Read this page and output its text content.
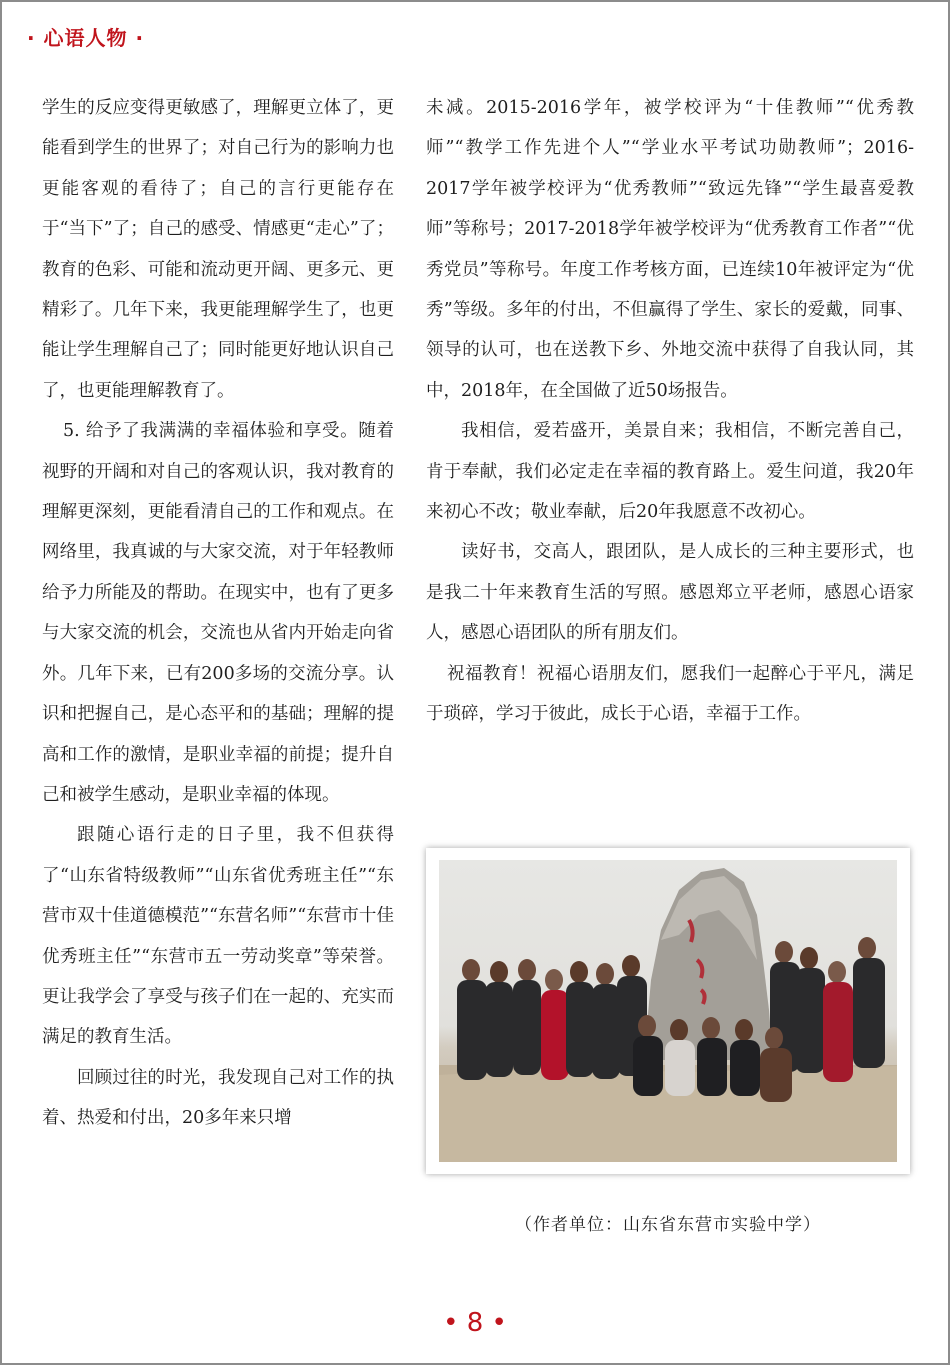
· 心语人物 ·

学生的反应变得更敏感了，理解更立体了，更能看到学生的世界了；对自己行为的影响力也更能客观的看待了；自己的言行更能存在于“当下”了；自己的感受、情感更“走心”了；教育的色彩、可能和流动更开阔、更多元、更精彩了。几年下来，我更能理解学生了，也更能让学生理解自己了；同时能更好地认识自己了，也更能理解教育了。

5. 给予了我满满的幸福体验和享受。随着视野的开阔和对自己的客观认识，我对教育的理解更深刻，更能看清自己的工作和观点。在网络里，我真诚的与大家交流，对于年轻教师给予力所能及的帮助。在现实中，也有了更多与大家交流的机会，交流也从省内开始走向省外。几年下来，已有200多场的交流分享。认识和把握自己，是心态平和的基础；理解的提高和工作的激情，是职业幸福的前提；提升自己和被学生感动，是职业幸福的体现。

跟随心语行走的日子里，我不但获得了“山东省特级教师”“山东省优秀班主任”“东营市双十佳道德模范”“东营名师”“东营市十佳优秀班主任”“东营市五一劳动奖章”等荣誉。更让我学会了享受与孩子们在一起的、充实而满足的教育生活。

回顾过往的时光，我发现自己对工作的执着、热爱和付出，20多年来只增

未减。2015-2016学年，被学校评为“十佳教师”“优秀教师”“教学工作先进个人”“学业水平考试功勋教师”；2016-2017学年被学校评为“优秀教师”“致远先锋”“学生最喜爱教师”等称号；2017-2018学年被学校评为“优秀教育工作者”“优秀党员”等称号。年度工作考核方面，已连续10年被评定为“优秀”等级。多年的付出，不但赢得了学生、家长的爱戴，同事、领导的认可，也在送教下乡、外地交流中获得了自我认同，其中，2018年，在全国做了近50场报告。

我相信，爱若盛开，美景自来；我相信，不断完善自己，肯于奉献，我们必定走在幸福的教育路上。爱生问道，我20年来初心不改；敬业奉献，后20年我愿意不改初心。

读好书，交高人，跟团队，是人成长的三种主要形式，也是我二十年来教育生活的写照。感恩郑立平老师，感恩心语家人，感恩心语团队的所有朋友们。

祝福教育！祝福心语朋友们，愿我们一起醉心于平凡，满足于琐碎，学习于彼此，成长于心语，幸福于工作。

（作者单位：山东省东营市实验中学）
• 8 •
